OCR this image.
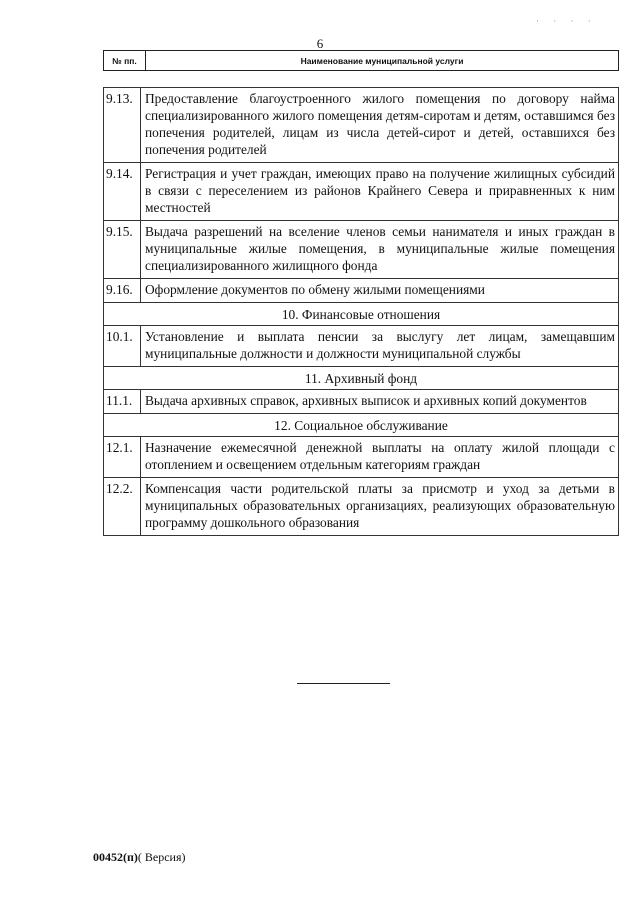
· · · ·
6
№ пп.	Наименование муниципальной услуги
9.13.	Предоставление благоустроенного жилого помещения по договору найма специализированного жилого помещения детям-сиротам и детям, оставшимся без попечения родителей, лицам из числа детей-сирот и детей, оставшихся без попечения родителей
9.14.	Регистрация и учет граждан, имеющих право на получение жилищных субсидий в связи с переселением из районов Крайнего Севера и приравненных к ним местностей
9.15.	Выдача разрешений на вселение членов семьи нанимателя и иных граждан в муниципальные жилые помещения, в муниципальные жилые помещения специализированного жилищного фонда
9.16.	Оформление документов по обмену жилыми помещениями
10. Финансовые отношения	
10.1.	Установление и выплата пенсии за выслугу лет лицам, замещавшим муниципальные должности и должности муниципальной службы
11. Архивный фонд	
11.1.	Выдача архивных справок, архивных выписок и архивных копий документов
12. Социальное обслуживание	
12.1.	Назначение ежемесячной денежной выплаты на оплату жилой площади с отоплением и освещением отдельным категориям граждан
12.2.	Компенсация части родительской платы за присмотр и уход за детьми в муниципальных образовательных организациях, реализующих образовательную программу дошкольного образования
00452(п)( Версия)
